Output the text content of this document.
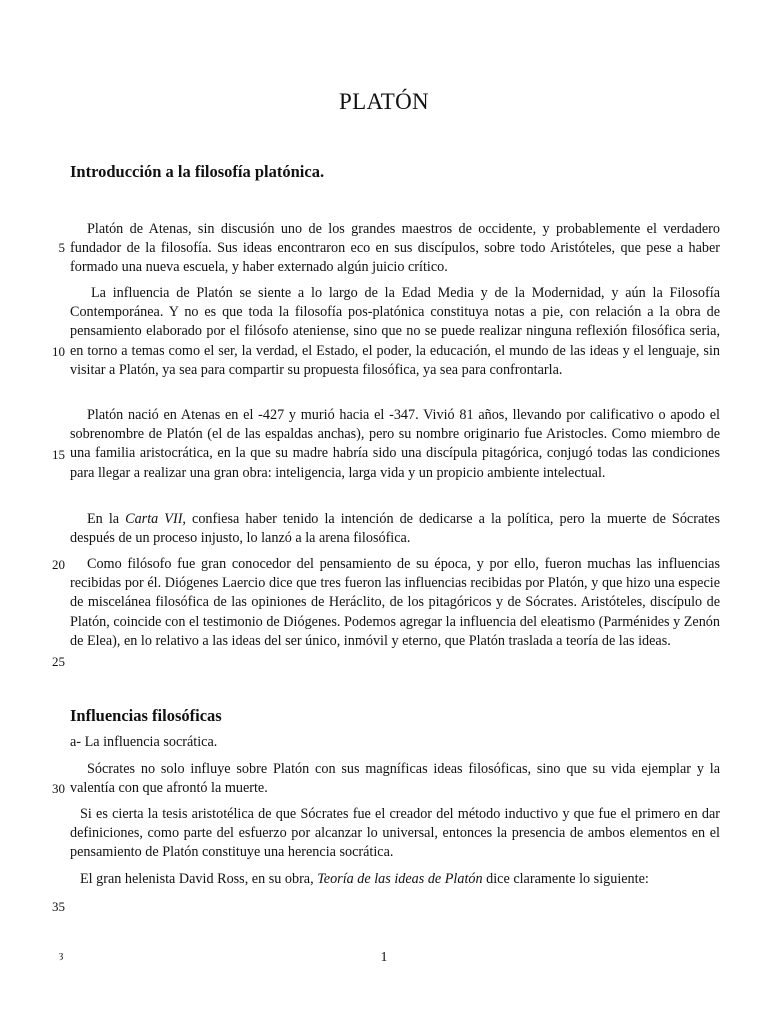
PLATÓN
Introducción a la filosofía platónica.
Platón de Atenas, sin discusión uno de los grandes maestros de occidente, y probablemente el verdadero fundador de la filosofía. Sus ideas encontraron eco en sus discípulos, sobre todo Aristóteles, que pese a haber formado una nueva escuela, y haber externado algún juicio crítico.
La influencia de Platón se siente a lo largo de la Edad Media y de la Modernidad, y aún la Filosofía Contemporánea. Y no es que toda la filosofía pos-platónica constituya notas a pie, con relación a la obra de pensamiento elaborado por el filósofo ateniense, sino que no se puede realizar ninguna reflexión filosófica seria, en torno a temas como el ser, la verdad, el Estado, el poder, la educación, el mundo de las ideas y el lenguaje, sin visitar a Platón, ya sea para compartir su propuesta filosófica, ya sea para confrontarla.
Platón nació en Atenas en el -427 y murió hacia el -347. Vivió 81 años, llevando por calificativo o apodo el sobrenombre de Platón (el de las espaldas anchas), pero su nombre originario fue Aristocles. Como miembro de una familia aristocrática, en la que su madre habría sido una discípula pitagórica, conjugó todas las condiciones para llegar a realizar una gran obra: inteligencia, larga vida y un propicio ambiente intelectual.
En la Carta VII, confiesa haber tenido la intención de dedicarse a la política, pero la muerte de Sócrates después de un proceso injusto, lo lanzó a la arena filosófica.
Como filósofo fue gran conocedor del pensamiento de su época, y por ello, fueron muchas las influencias recibidas por él. Diógenes Laercio dice que tres fueron las influencias recibidas por Platón, y que hizo una especie de miscelánea filosófica de las opiniones de Heráclito, de los pitagóricos y de Sócrates. Aristóteles, discípulo de Platón, coincide con el testimonio de Diógenes. Podemos agregar la influencia del eleatismo (Parménides y Zenón de Elea), en lo relativo a las ideas del ser único, inmóvil y eterno, que Platón traslada a teoría de las ideas.
Influencias filosóficas
a- La influencia socrática.
Sócrates no solo influye sobre Platón con sus magníficas ideas filosóficas, sino que su vida ejemplar y la valentía con que afrontó la muerte.
Si es cierta la tesis aristotélica de que Sócrates fue el creador del método inductivo y que fue el primero en dar definiciones, como parte del esfuerzo por alcanzar lo universal, entonces la presencia de ambos elementos en el pensamiento de Platón constituye una herencia socrática.
El gran helenista David Ross, en su obra, Teoría de las ideas de Platón dice claramente lo siguiente:
5
10
15
20
25
30
35
ȝ	1
